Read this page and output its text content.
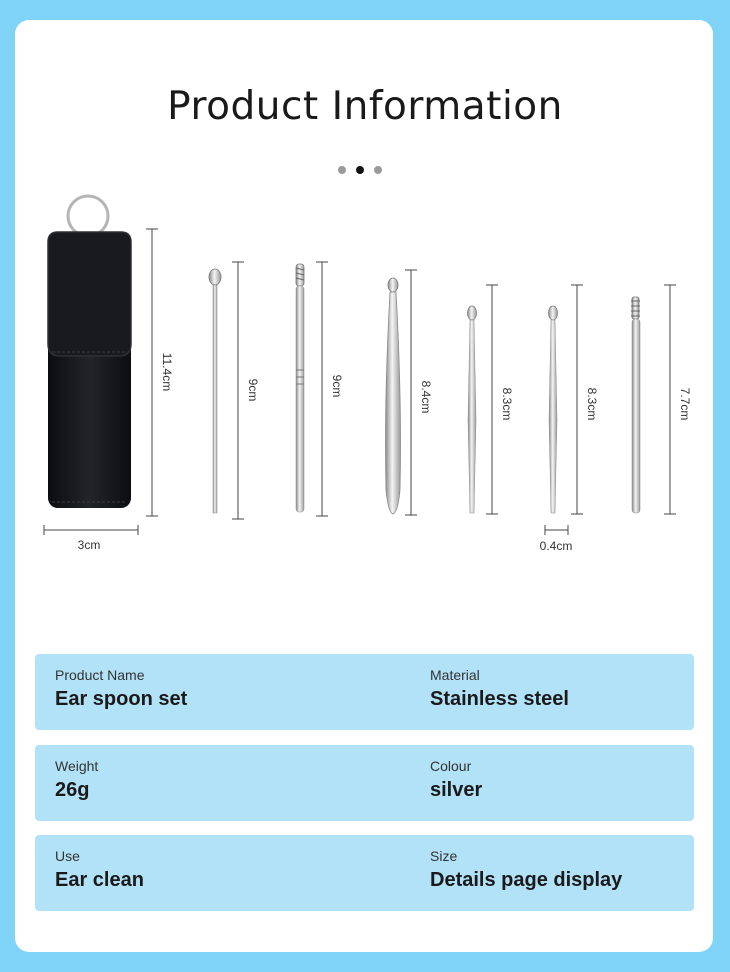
Product Information
11.4cm
3cm
9cm	9cm	8.4cm	8.3cm	8.3cm	7.7cm
0.4cm
Product Name
Ear spoon set
Material
Stainless steel
Weight
26g
Colour
silver
Use
Ear clean
Size
Details page display
